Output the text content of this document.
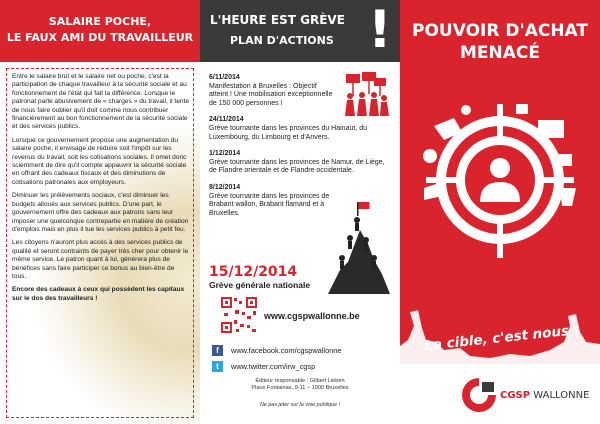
SALAIRE POCHE,
LE FAUX AMI DU TRAVAILLEUR

Entre le salaire brut et le salaire net ou poche, c'est la participation de chaque travailleur à la sécurité sociale et au fonctionnement de l'état qui fait la différence. Lorsque le patronat parle abusivement de « charges » du travail, il tente de nous faire oublier qu'il doit comme nous contribuer financièrement au bon fonctionnement de la sécurité sociale et des services publics.

Lorsque ce gouvernement propose une augmentation du salaire poche, il envisage de réduire soit l'impôt sur les revenus du travail, soit les cotisations sociales. Il omet donc sciemment de dire qu'il compte appauvrir la sécurité sociale en offrant des cadeaux fiscaux et des diminutions de cotisations patronales aux employeurs.

Diminuer les prélèvements sociaux, c'est diminuer les budgets alloués aux services publics. D'une part, le gouvernement offre des cadeaux aux patrons sans leur imposer une quelconque contrepartie en matière de création d'emplois mais en plus il tue les services publics à petit feu.

Les citoyens n'auront plus accès à des services publics de qualité et seront contraints de payer très cher pour obtenir le même service. Le patron quant à lui, générera plus de bénéfices sans faire participer ce bonus au bien-être de tous.

Encore des cadeaux à ceux qui possèdent les capitaux sur le dos des travailleurs !

L'HEURE EST GRÈVE
PLAN D'ACTIONS !
6/11/2014
Manifestation à Bruxelles : Objectif atteint ! Une mobilisation exceptionnelle de 150 000 personnes !
24/11/2014
Grève tournante dans les provinces du Hainaut, du Luxembourg, du Limbourg et d'Anvers.
1/12/2014
Grève tournante dans les provinces de Namur, de Liège, de Flandre orientale et de Flandre occidentale.
8/12/2014
Grève tournante dans les provinces de Brabant wallon, Brabant flamand et à Bruxelles.
15/12/2014
Grève générale nationale
www.cgspwallonne.be
f	www.facebook.com/cgspwallonne
t	www.twitter.com/irw_cgsp
Éditeur responsable : Gilbert Lieben
Place Fontainas, 9-11 – 1000 Bruxelles
Ne pas jeter sur la voie publique !
POUVOIR D'ACHAT
MENACÉ
La cible, c'est nous !
CGSP WALLONNE
